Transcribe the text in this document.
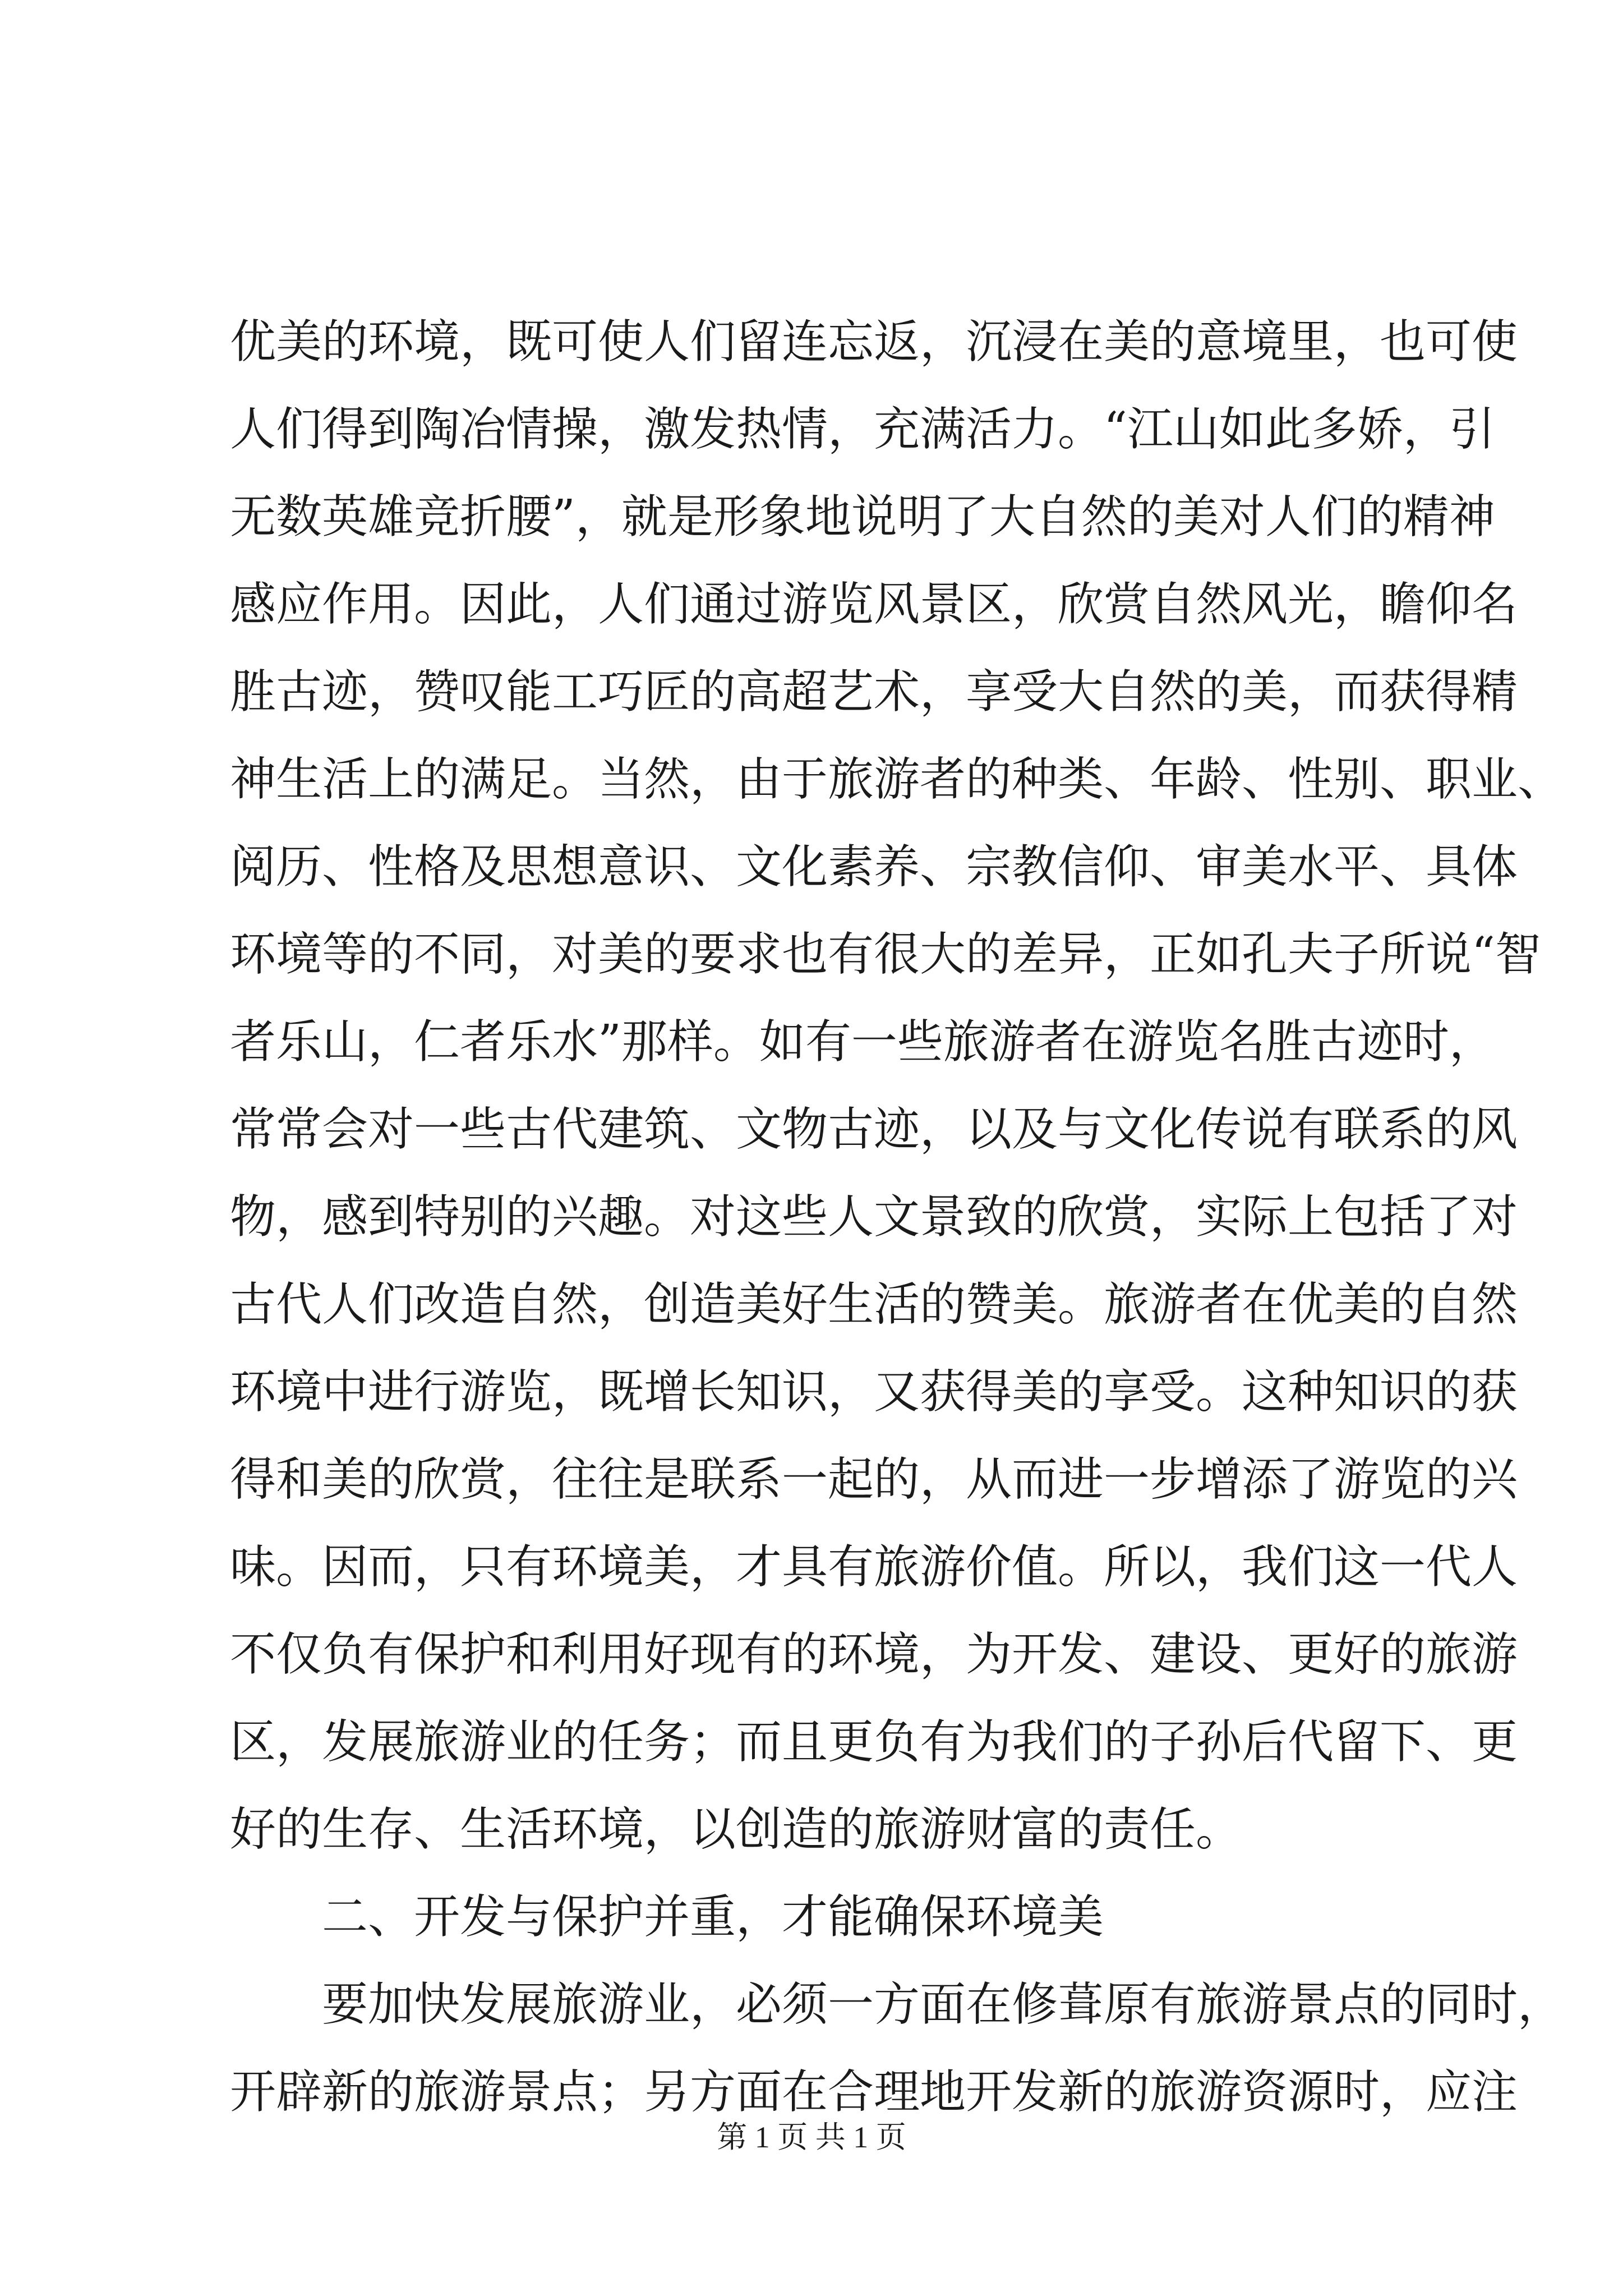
优美的环境，既可使人们留连忘返，沉浸在美的意境里，也可使
人们得到陶冶情操，激发热情，充满活力。“江山如此多娇，引
无数英雄竞折腰”，就是形象地说明了大自然的美对人们的精神
感应作用。因此，人们通过游览风景区，欣赏自然风光，瞻仰名
胜古迹，赞叹能工巧匠的高超艺术，享受大自然的美，而获得精
神生活上的满足。当然，由于旅游者的种类、年龄、性别、职业、
阅历、性格及思想意识、文化素养、宗教信仰、审美水平、具体
环境等的不同，对美的要求也有很大的差异，正如孔夫子所说“智
者乐山，仁者乐水”那样。如有一些旅游者在游览名胜古迹时，
常常会对一些古代建筑、文物古迹，以及与文化传说有联系的风
物，感到特别的兴趣。对这些人文景致的欣赏，实际上包括了对
古代人们改造自然，创造美好生活的赞美。旅游者在优美的自然
环境中进行游览，既增长知识，又获得美的享受。这种知识的获
得和美的欣赏，往往是联系一起的，从而进一步增添了游览的兴
味。因而，只有环境美，才具有旅游价值。所以，我们这一代人
不仅负有保护和利用好现有的环境，为开发、建设、更好的旅游
区，发展旅游业的任务；而且更负有为我们的子孙后代留下、更
好的生存、生活环境，以创造的旅游财富的责任。
二、开发与保护并重，才能确保环境美
要加快发展旅游业，必须一方面在修葺原有旅游景点的同时，
开辟新的旅游景点；另方面在合理地开发新的旅游资源时，应注
第 1 页 共 1 页
